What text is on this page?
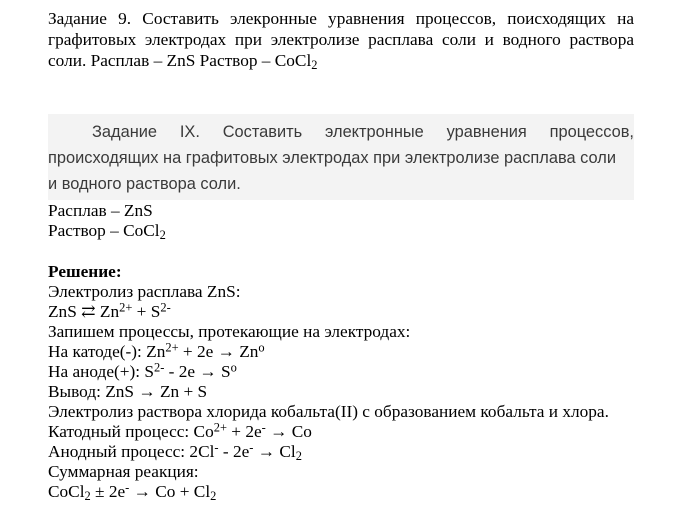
Задание 9. Составить элекронные уравнения процессов, поисходящих на
графитовых электродах при электролизе расплава соли и водного раствора
соли. Расплав – ZnS Раствор – CoCl$_2$
Задание IX. Составить электронные уравнения процессов,
происходящих на графитовых электродах при электролизе расплава соли
и водного раствора соли.
Расплав – ZnS
Раствор – CoCl$_2$
Решение:
Электролиз расплава ZnS:
ZnS ⇄ $Zn^{2+} + S^{2-}$
Запишем процессы, протекающие на электродах:
На катоде(-): $Zn^{2+} + 2e \to Zn^o$
На аноде(+): $S^{2-} - 2e \to S^o$
Вывод: ZnS → Zn + S
Электролиз раствора хлорида кобальта(II) с образованием кобальта и хлора.
Катодный процесс: $Co^{2+} + 2e^- \to Co$
Анодный процесс: $2Cl^- - 2e^- \to Cl_2$
Суммарная реакция:
CoCl$_2$ ± $2e^- \to Co + Cl_2$
